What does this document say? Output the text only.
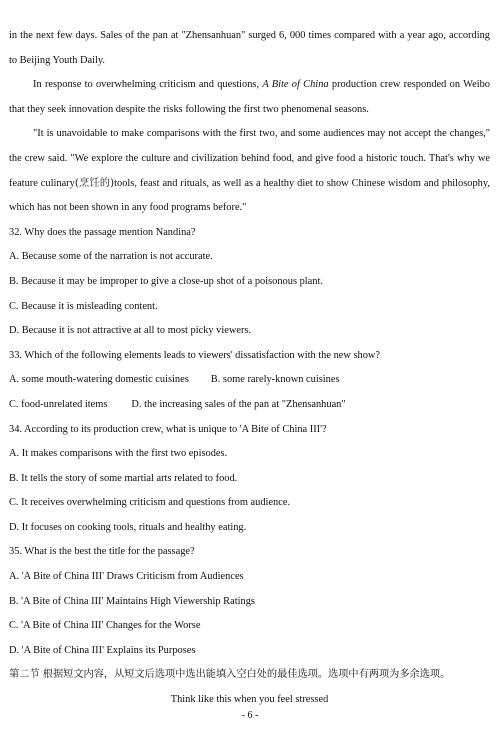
in the next few days. Sales of the pan at "Zhensanhuan" surged 6, 000 times compared with a year ago, according to Beijing Youth Daily.

In response to overwhelming criticism and questions, A Bite of China production crew responded on Weibo that they seek innovation despite the risks following the first two phenomenal seasons.

"It is unavoidable to make comparisons with the first two, and some audiences may not accept the changes," the crew said. "We explore the culture and civilization behind food, and give food a historic touch. That's why we feature culinary(烹饪的)tools, feast and rituals, as well as a healthy diet to show Chinese wisdom and philosophy, which has not been shown in any food programs before."

32. Why does the passage mention Nandina?

A. Because some of the narration is not accurate.

B. Because it may be improper to give a close-up shot of a poisonous plant.

C. Because it is misleading content.

D. Because it is not attractive at all to most picky viewers.

33. Which of the following elements leads to viewers' dissatisfaction with the new show?

A. some mouth-watering domestic cuisines B. some rarely-known cuisines

C. food-unrelated items D. the increasing sales of the pan at "Zhensanhuan"

34. According to its production crew, what is unique to 'A Bite of China III'?

A. It makes comparisons with the first two episodes.

B. It tells the story of some martial arts related to food.

C. It receives overwhelming criticism and questions from audience.

D. It focuses on cooking tools, rituals and healthy eating.

35. What is the best the title for the passage?

A. 'A Bite of China III' Draws Criticism from Audiences

B. 'A Bite of China III' Maintains High Viewership Ratings

C. 'A Bite of China III' Changes for the Worse

D. 'A Bite of China III' Explains its Purposes

第二节 根据短文内容，从短文后选项中选出能填入空白处的最佳选项。选项中有两项为多余选项。

Think like this when you feel stressed

- 6 -
